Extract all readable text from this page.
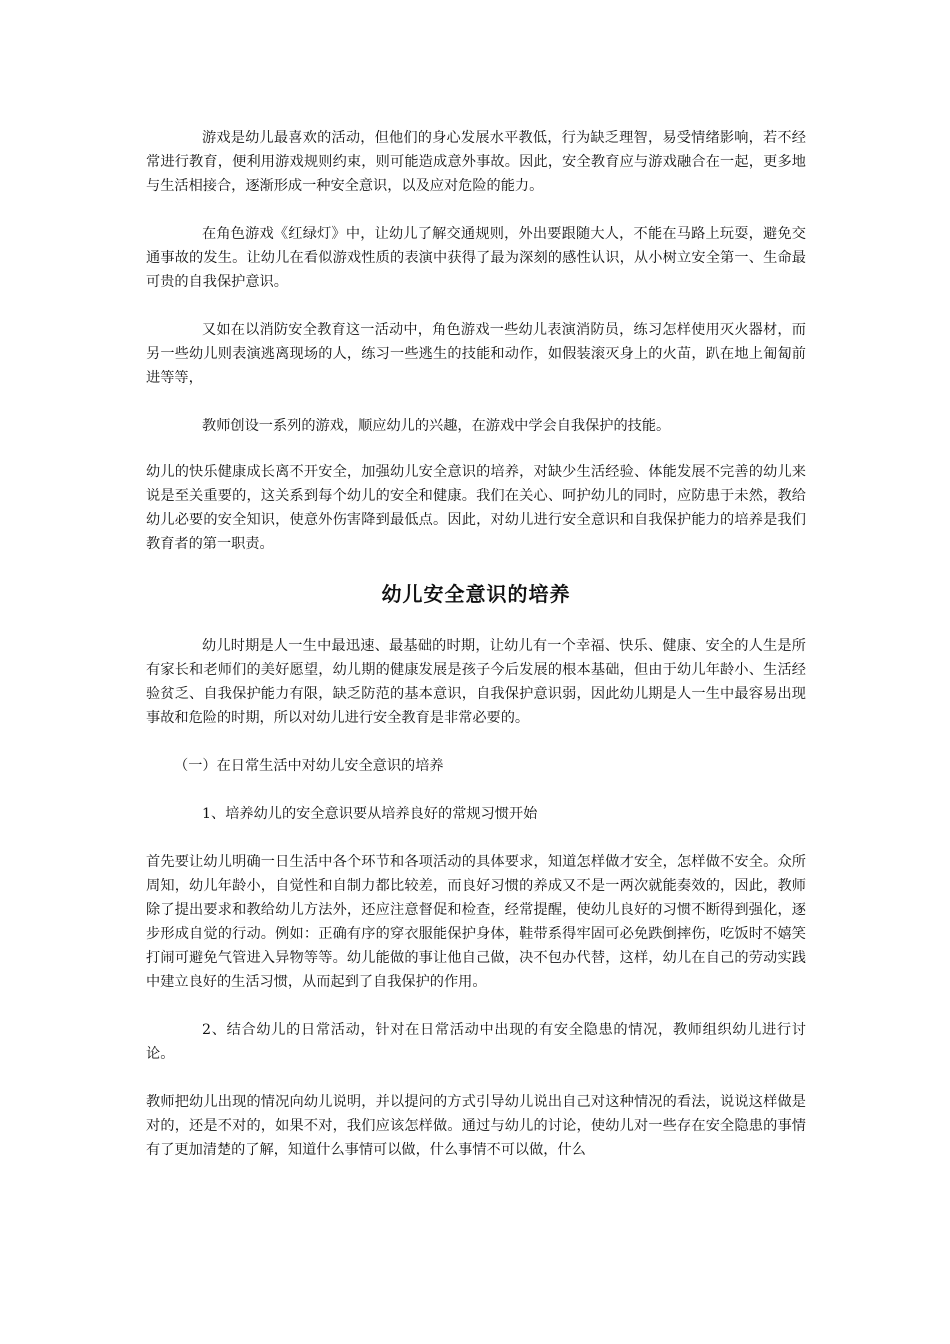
游戏是幼儿最喜欢的活动，但他们的身心发展水平教低，行为缺乏理智，易受情绪影响，若不经常进行教育，便利用游戏规则约束，则可能造成意外事故。因此，安全教育应与游戏融合在一起，更多地与生活相接合，逐渐形成一种安全意识，以及应对危险的能力。

在角色游戏《红绿灯》中，让幼儿了解交通规则，外出要跟随大人，不能在马路上玩耍，避免交通事故的发生。让幼儿在看似游戏性质的表演中获得了最为深刻的感性认识，从小树立安全第一、生命最可贵的自我保护意识。

又如在以消防安全教育这一活动中，角色游戏一些幼儿表演消防员，练习怎样使用灭火器材，而另一些幼儿则表演逃离现场的人，练习一些逃生的技能和动作，如假装滚灭身上的火苗，趴在地上匍匐前进等等，

教师创设一系列的游戏，顺应幼儿的兴趣，在游戏中学会自我保护的技能。

幼儿的快乐健康成长离不开安全，加强幼儿安全意识的培养，对缺少生活经验、体能发展不完善的幼儿来说是至关重要的，这关系到每个幼儿的安全和健康。我们在关心、呵护幼儿的同时，应防患于未然，教给幼儿必要的安全知识，使意外伤害降到最低点。因此，对幼儿进行安全意识和自我保护能力的培养是我们教育者的第一职责。

幼儿安全意识的培养

幼儿时期是人一生中最迅速、最基础的时期，让幼儿有一个幸福、快乐、健康、安全的人生是所有家长和老师们的美好愿望，幼儿期的健康发展是孩子今后发展的根本基础，但由于幼儿年龄小、生活经验贫乏、自我保护能力有限，缺乏防范的基本意识，自我保护意识弱，因此幼儿期是人一生中最容易出现事故和危险的时期，所以对幼儿进行安全教育是非常必要的。

（一）在日常生活中对幼儿安全意识的培养

1、培养幼儿的安全意识要从培养良好的常规习惯开始

首先要让幼儿明确一日生活中各个环节和各项活动的具体要求，知道怎样做才安全，怎样做不安全。众所周知，幼儿年龄小，自觉性和自制力都比较差，而良好习惯的养成又不是一两次就能奏效的，因此，教师除了提出要求和教给幼儿方法外，还应注意督促和检查，经常提醒，使幼儿良好的习惯不断得到强化，逐步形成自觉的行动。例如：正确有序的穿衣服能保护身体，鞋带系得牢固可必免跌倒摔伤，吃饭时不嬉笑打闹可避免气管进入异物等等。幼儿能做的事让他自己做，决不包办代替，这样，幼儿在自己的劳动实践中建立良好的生活习惯，从而起到了自我保护的作用。

2、结合幼儿的日常活动，针对在日常活动中出现的有安全隐患的情况，教师组织幼儿进行讨论。

教师把幼儿出现的情况向幼儿说明，并以提问的方式引导幼儿说出自己对这种情况的看法，说说这样做是对的，还是不对的，如果不对，我们应该怎样做。通过与幼儿的讨论，使幼儿对一些存在安全隐患的事情有了更加清楚的了解，知道什么事情可以做，什么事情不可以做，什么
